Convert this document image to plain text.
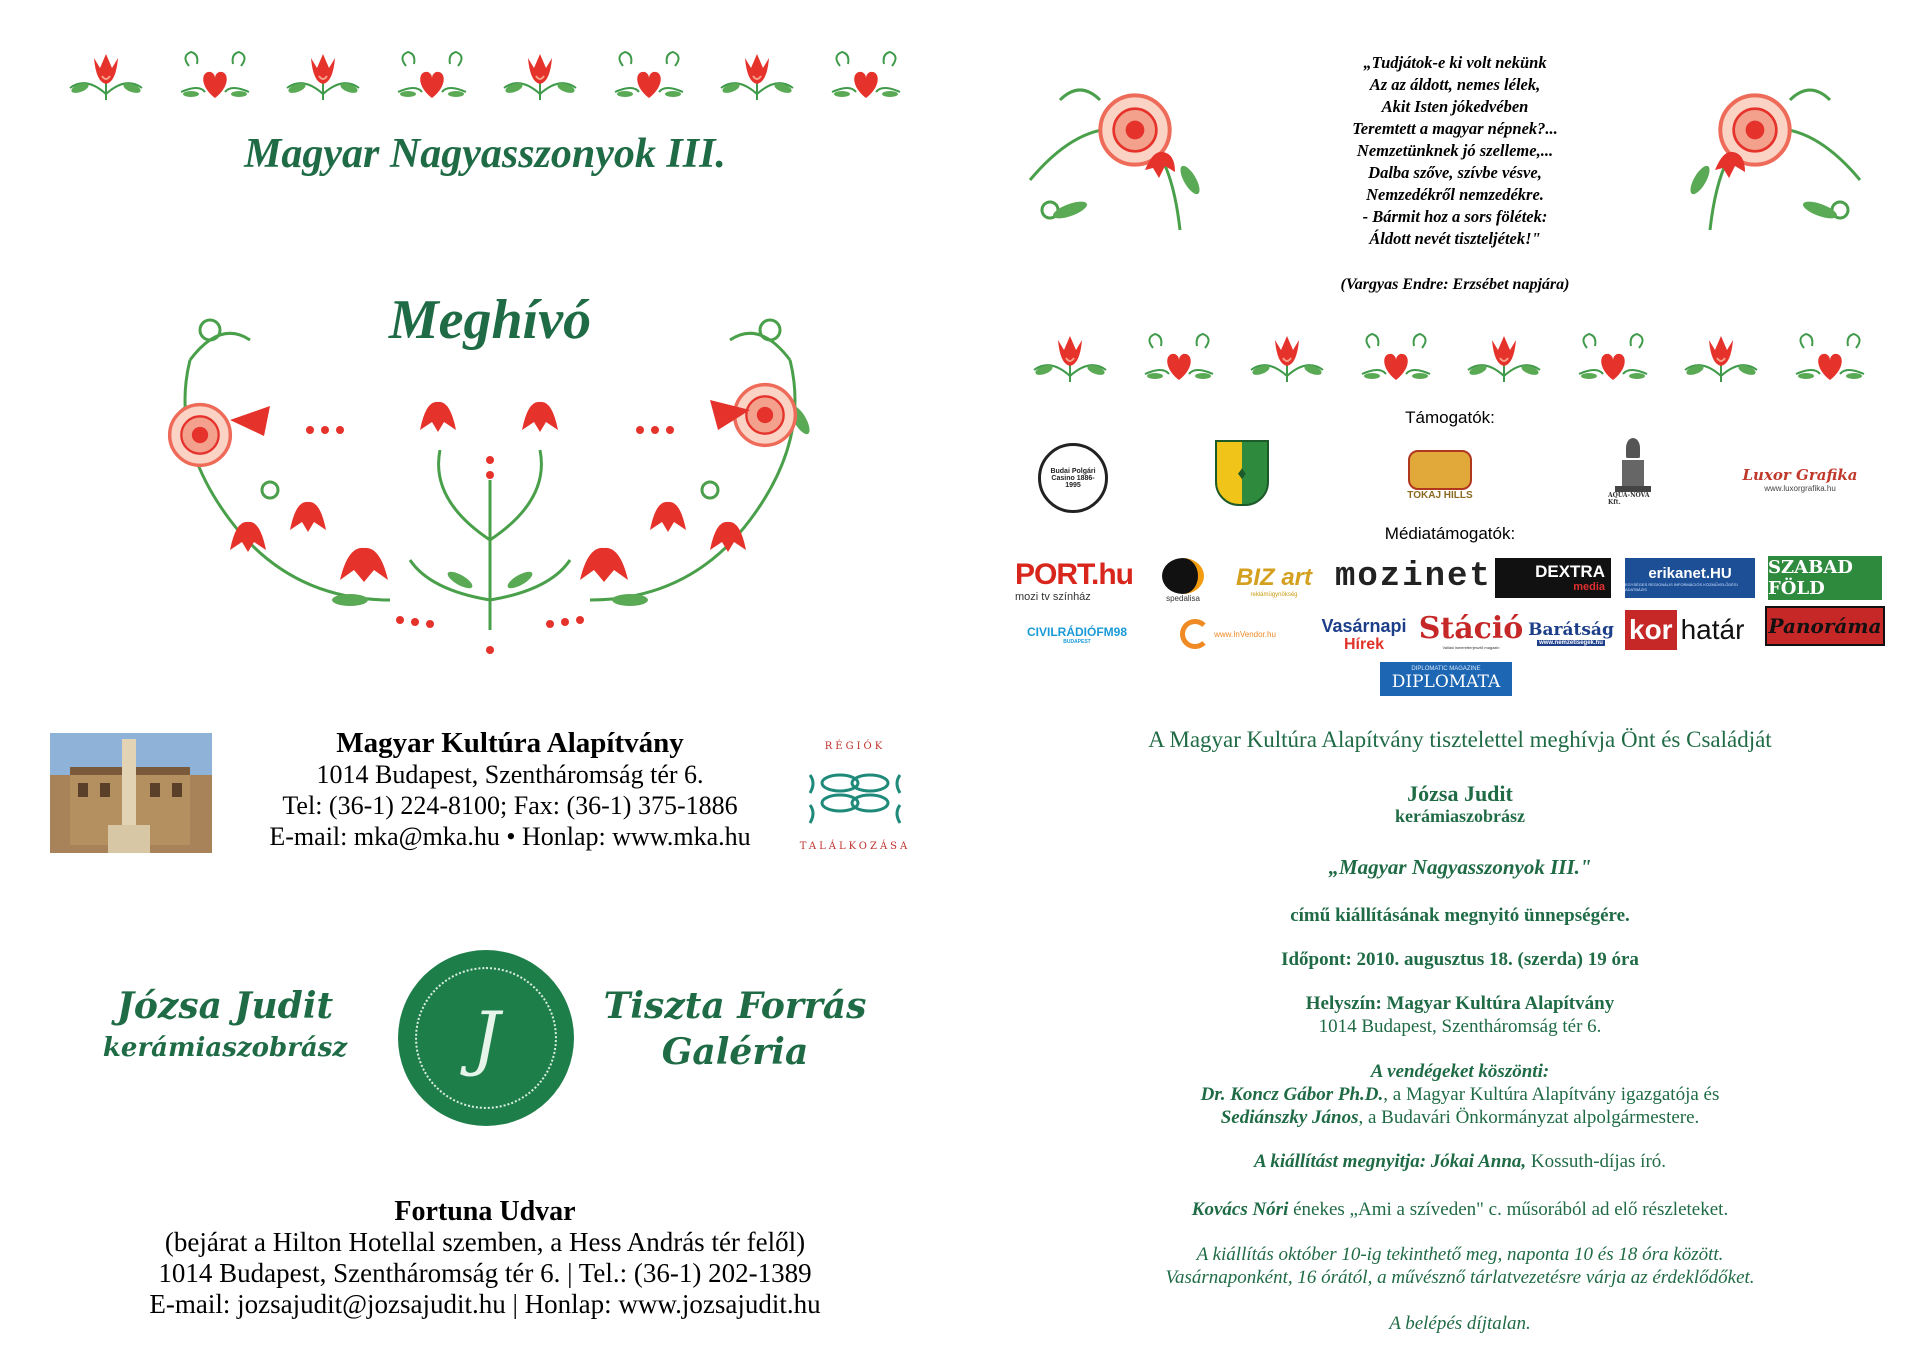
Magyar Nagyasszonyok III.
Meghívó
Magyar Kultúra Alapítvány
1014 Budapest, Szentháromság tér 6.
Tel: (36-1) 224-8100; Fax: (36-1) 375-1886
E-mail: mka@mka.hu • Honlap: www.mka.hu
RÉGIÓK
TALÁLKOZÁSA
Józsa Judit
kerámiaszobrász J	Tiszta Forrás
Galéria
Fortuna Udvar
(bejárat a Hilton Hotellal szemben, a Hess András tér felől)
1014 Budapest, Szentháromság tér 6. | Tel.: (36-1) 202-1389
E-mail: jozsajudit@jozsajudit.hu | Honlap: www.jozsajudit.hu
„Tudjátok-e ki volt nekünk
Az az áldott, nemes lélek,
Akit Isten jókedvében
Teremtett a magyar népnek?...
Nemzetünknek jó szelleme,...
Dalba szőve, szívbe vésve,
Nemzedékről nemzedékre.
- Bármit hoz a sors fölétek:
Áldott nevét tiszteljétek!"
(Vargyas Endre: Erzsébet napjára)
Támogatók:
Budai Polgári Casino 1886-1995
♦
TOKAJ HILLS	AQUA-NOVA Kft.
Luxor Grafika
www.luxorgrafika.hu
Médiatámogatók:
PORT.hu
mozi tv színház	spedalisa
BIZ art
reklámügynökség mozinet	DEXTRA
media
erikanet.HU
EGYSÉGES REGIONÁLIS INFORMÁCIÓS KÖZMŰVELŐDÉSI ADATBÁZIS
SZABAD FÖLD
CIVILRÁDIÓFM98
BUDAPEST
www.InVendor.hu	Vasárnapi
Hírek Stáció
Vallási ismeretterjesztő magazin
Barátság
www.nemzetisegek.hu kor határ Panoráma
DIPLOMATIC MAGAZINE
DIPLOMATA
A Magyar Kultúra Alapítvány tisztelettel meghívja Önt és Családját
Józsa Judit
kerámiaszobrász
„Magyar Nagyasszonyok III."
című kiállításának megnyitó ünnepségére.
Időpont: 2010. augusztus 18. (szerda) 19 óra
Helyszín: Magyar Kultúra Alapítvány
1014 Budapest, Szentháromság tér 6.
A vendégeket köszönti:
Dr. Koncz Gábor Ph.D., a Magyar Kultúra Alapítvány igazgatója és
Sediánszky János, a Budavári Önkormányzat alpolgármestere.
A kiállítást megnyitja: Jókai Anna, Kossuth-díjas író.
Kovács Nóri énekes „Ami a szíveden" c. műsorából ad elő részleteket.
A kiállítás október 10-ig tekinthető meg, naponta 10 és 18 óra között.
Vasárnaponként, 16 órától, a művésznő tárlatvezetésre várja az érdeklődőket.
A belépés díjtalan.
